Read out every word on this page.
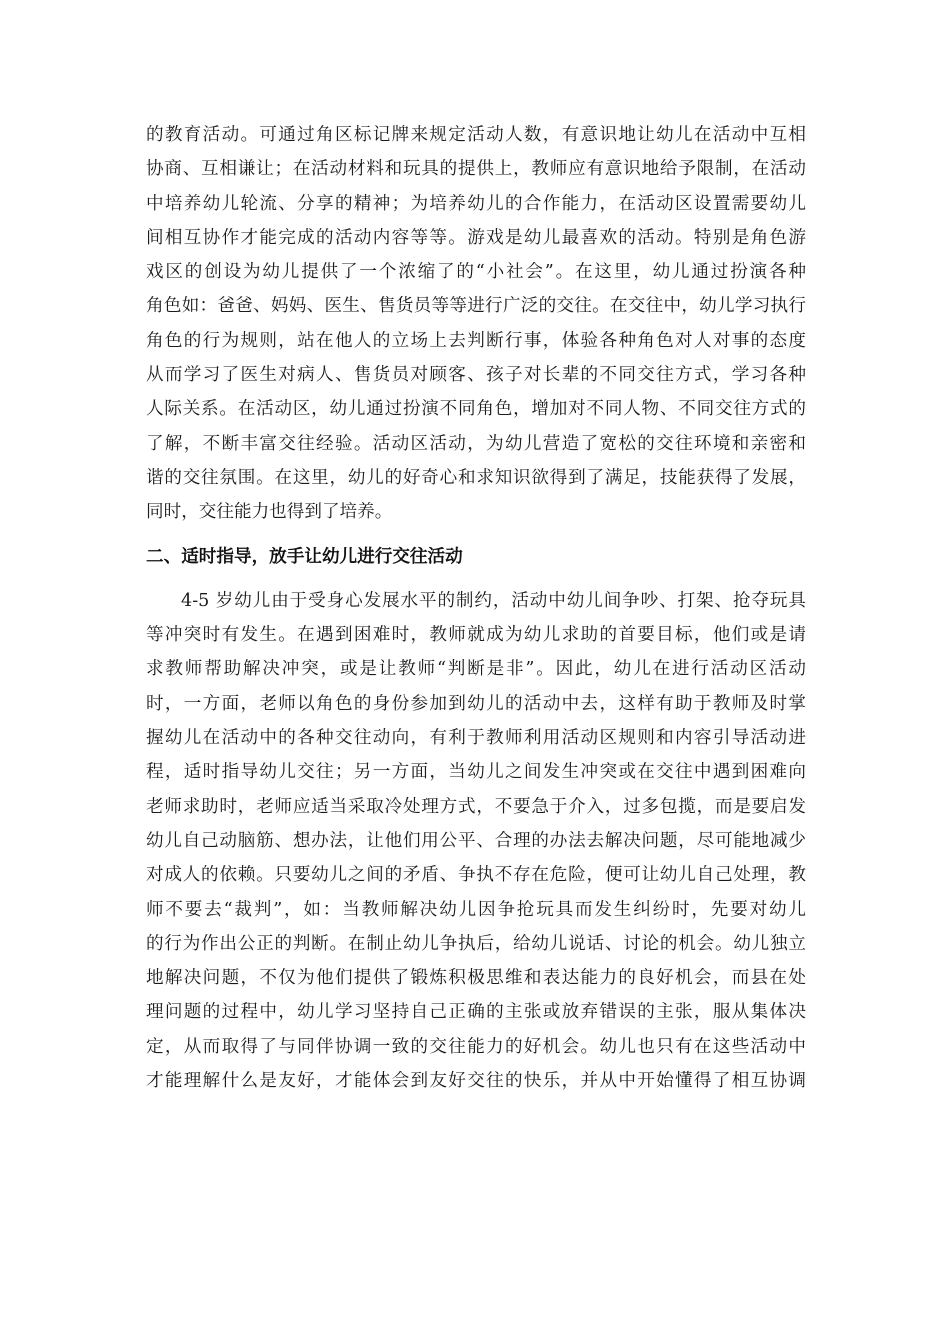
的教育活动。可通过角区标记牌来规定活动人数，有意识地让幼儿在活动中互相
协商、互相谦让；在活动材料和玩具的提供上，教师应有意识地给予限制，在活动
中培养幼儿轮流、分享的精神；为培养幼儿的合作能力，在活动区设置需要幼儿
间相互协作才能完成的活动内容等等。游戏是幼儿最喜欢的活动。特别是角色游
戏区的创设为幼儿提供了一个浓缩了的“小社会”。在这里，幼儿通过扮演各种
角色如：爸爸、妈妈、医生、售货员等等进行广泛的交往。在交往中，幼儿学习执行
角色的行为规则，站在他人的立场上去判断行事，体验各种角色对人对事的态度
从而学习了医生对病人、售货员对顾客、孩子对长辈的不同交往方式，学习各种
人际关系。在活动区，幼儿通过扮演不同角色，增加对不同人物、不同交往方式的
了解，不断丰富交往经验。活动区活动，为幼儿营造了宽松的交往环境和亲密和
谐的交往氛围。在这里，幼儿的好奇心和求知识欲得到了满足，技能获得了发展，
同时，交往能力也得到了培养。
二、适时指导，放手让幼儿进行交往活动
4-5 岁幼儿由于受身心发展水平的制约，活动中幼儿间争吵、打架、抢夺玩具
等冲突时有发生。在遇到困难时，教师就成为幼儿求助的首要目标，他们或是请
求教师帮助解决冲突，或是让教师“判断是非”。因此，幼儿在进行活动区活动
时，一方面，老师以角色的身份参加到幼儿的活动中去，这样有助于教师及时掌
握幼儿在活动中的各种交往动向，有利于教师利用活动区规则和内容引导活动进
程，适时指导幼儿交往；另一方面，当幼儿之间发生冲突或在交往中遇到困难向
老师求助时，老师应适当采取冷处理方式，不要急于介入，过多包揽，而是要启发
幼儿自己动脑筋、想办法，让他们用公平、合理的办法去解决问题，尽可能地减少
对成人的依赖。只要幼儿之间的矛盾、争执不存在危险，便可让幼儿自己处理，教
师不要去“裁判”，如：当教师解决幼儿因争抢玩具而发生纠纷时，先要对幼儿
的行为作出公正的判断。在制止幼儿争执后，给幼儿说话、讨论的机会。幼儿独立
地解决问题，不仅为他们提供了锻炼积极思维和表达能力的良好机会，而县在处
理问题的过程中，幼儿学习坚持自己正确的主张或放弃错误的主张，服从集体决
定，从而取得了与同伴协调一致的交往能力的好机会。幼儿也只有在这些活动中
才能理解什么是友好，才能体会到友好交往的快乐，并从中开始懂得了相互协调
